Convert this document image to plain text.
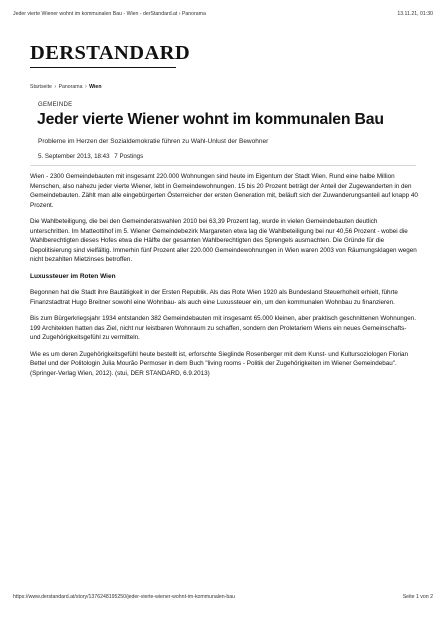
Jeder vierte Wiener wohnt im kommunalen Bau - Wien - derStandard.at › Panorama	13.11.21, 01:30
DERSTANDARD
Startseite › Panorama › Wien
GEMEINDE
Jeder vierte Wiener wohnt im kommunalen Bau
Probleme im Herzen der Sozialdemokratie führen zu Wahl-Unlust der Bewohner
5. September 2013, 18:43 7 Postings

Wien - 2300 Gemeindebauten mit insgesamt 220.000 Wohnungen sind heute im Eigentum der Stadt Wien. Rund eine halbe Million Menschen, also nahezu jeder vierte Wiener, lebt in Gemeindewohnungen. 15 bis 20 Prozent beträgt der Anteil der Zugewanderten in den Gemeindebauten. Zählt man alle eingebürgerten Österreicher der ersten Generation mit, beläuft sich der Zuwanderungsanteil auf knapp 40 Prozent.

Die Wahlbeteiligung, die bei den Gemeinderatswahlen 2010 bei 63,39 Prozent lag, wurde in vielen Gemeindebauten deutlich unterschritten. Im Matteottihof im 5. Wiener Gemeindebezirk Margareten etwa lag die Wahlbeteiligung bei nur 40,56 Prozent - wobei die Wahlberechtigten dieses Hofes etwa die Hälfte der gesamten Wahlberechtigten des Sprengels ausmachten. Die Gründe für die Depolitisierung sind vielfältig. Immerhin fünf Prozent aller 220.000 Gemeindewohnungen in Wien waren 2003 von Räumungsklagen wegen nicht bezahlten Mietzinses betroffen.

Luxussteuer im Roten Wien

Begonnen hat die Stadt ihre Bautätigkeit in der Ersten Republik. Als das Rote Wien 1920 als Bundesland Steuerhoheit erhielt, führte Finanzstadtrat Hugo Breitner sowohl eine Wohnbau- als auch eine Luxussteuer ein, um den kommunalen Wohnbau zu finanzieren.

Bis zum Bürgerkriegsjahr 1934 entstanden 382 Gemeindebauten mit insgesamt 65.000 kleinen, aber praktisch geschnittenen Wohnungen. 199 Architekten hatten das Ziel, nicht nur leistbaren Wohnraum zu schaffen, sondern den Proletariern Wiens ein neues Gemeinschafts- und Zugehörigkeitsgefühl zu vermitteln.

Wie es um deren Zugehörigkeitsgefühl heute bestellt ist, erforschte Sieglinde Rosenberger mit dem Kunst- und Kultursoziologen Florian Bettel und der Politologin Julia Mourão Permoser in dem Buch "living rooms - Politik der Zugehörigkeiten im Wiener Gemeindebau". (Springer-Verlag Wien, 2012). (stui, DER STANDARD, 6.9.2013)

https://www.derstandard.at/story/1376248195250/jeder-vierte-wiener-wohnt-im-kommunalen-bau	Seite 1 von 2
